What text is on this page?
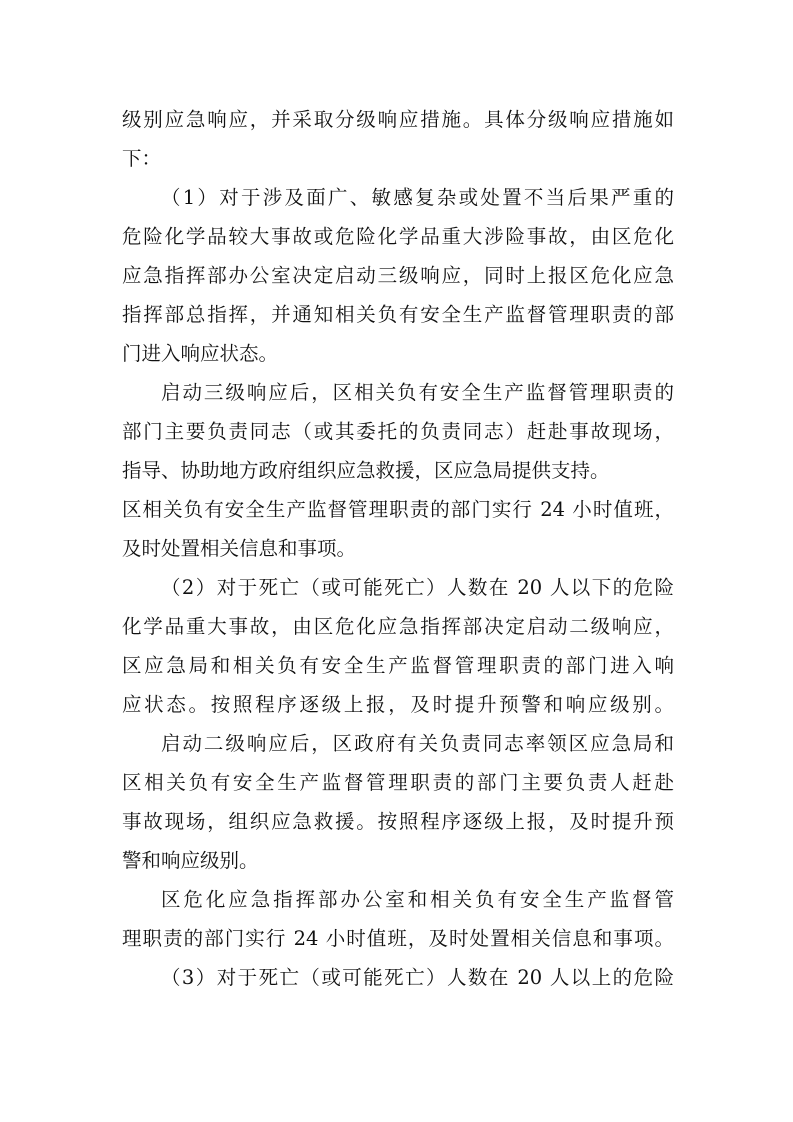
级别应急响应，并采取分级响应措施。具体分级响应措施如
下：
（1）对于涉及面广、敏感复杂或处置不当后果严重的
危险化学品较大事故或危险化学品重大涉险事故，由区危化
应急指挥部办公室决定启动三级响应，同时上报区危化应急
指挥部总指挥，并通知相关负有安全生产监督管理职责的部
门进入响应状态。
启动三级响应后，区相关负有安全生产监督管理职责的
部门主要负责同志（或其委托的负责同志）赶赴事故现场，
指导、协助地方政府组织应急救援，区应急局提供支持。
区相关负有安全生产监督管理职责的部门实行 24 小时值班，
及时处置相关信息和事项。
（2）对于死亡（或可能死亡）人数在 20 人以下的危险
化学品重大事故，由区危化应急指挥部决定启动二级响应，
区应急局和相关负有安全生产监督管理职责的部门进入响
应状态。按照程序逐级上报，及时提升预警和响应级别。
启动二级响应后，区政府有关负责同志率领区应急局和
区相关负有安全生产监督管理职责的部门主要负责人赶赴
事故现场，组织应急救援。按照程序逐级上报，及时提升预
警和响应级别。
区危化应急指挥部办公室和相关负有安全生产监督管
理职责的部门实行 24 小时值班，及时处置相关信息和事项。
（3）对于死亡（或可能死亡）人数在 20 人以上的危险
